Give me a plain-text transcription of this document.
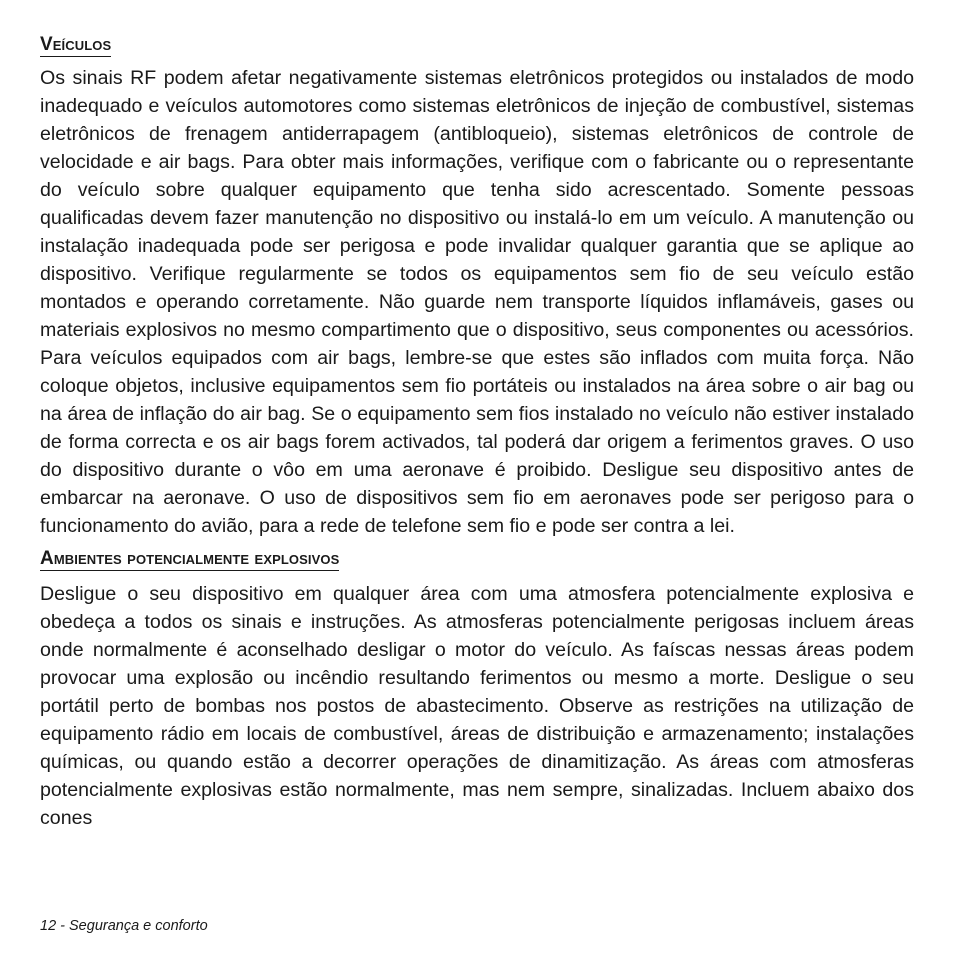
Veículos

Os sinais RF podem afetar negativamente sistemas eletrônicos protegidos ou instalados de modo inadequado e veículos automotores como sistemas eletrônicos de injeção de combustível, sistemas eletrônicos de frenagem antiderrapagem (antibloqueio), sistemas eletrônicos de controle de velocidade e air bags. Para obter mais informações, verifique com o fabricante ou o representante do veículo sobre qualquer equipamento que tenha sido acrescentado. Somente pessoas qualificadas devem fazer manutenção no dispositivo ou instalá-lo em um veículo. A manutenção ou instalação inadequada pode ser perigosa e pode invalidar qualquer garantia que se aplique ao dispositivo. Verifique regularmente se todos os equipamentos sem fio de seu veículo estão montados e operando corretamente. Não guarde nem transporte líquidos inflamáveis, gases ou materiais explosivos no mesmo compartimento que o dispositivo, seus componentes ou acessórios. Para veículos equipados com air bags, lembre-se que estes são inflados com muita força. Não coloque objetos, inclusive equipamentos sem fio portáteis ou instalados na área sobre o air bag ou na área de inflação do air bag. Se o equipamento sem fios instalado no veículo não estiver instalado de forma correcta e os air bags forem activados, tal poderá dar origem a ferimentos graves. O uso do dispositivo durante o vôo em uma aeronave é proibido. Desligue seu dispositivo antes de embarcar na aeronave. O uso de dispositivos sem fio em aeronaves pode ser perigoso para o funcionamento do avião, para a rede de telefone sem fio e pode ser contra a lei.

Ambientes potencialmente explosivos

Desligue o seu dispositivo em qualquer área com uma atmosfera potencialmente explosiva e obedeça a todos os sinais e instruções. As atmosferas potencialmente perigosas incluem áreas onde normalmente é aconselhado desligar o motor do veículo. As faíscas nessas áreas podem provocar uma explosão ou incêndio resultando ferimentos ou mesmo a morte. Desligue o seu portátil perto de bombas nos postos de abastecimento. Observe as restrições na utilização de equipamento rádio em locais de combustível, áreas de distribuição e armazenamento; instalações químicas, ou quando estão a decorrer operações de dinamitização. As áreas com atmosferas potencialmente explosivas estão normalmente, mas nem sempre, sinalizadas. Incluem abaixo dos cones

12 - Segurança e conforto
